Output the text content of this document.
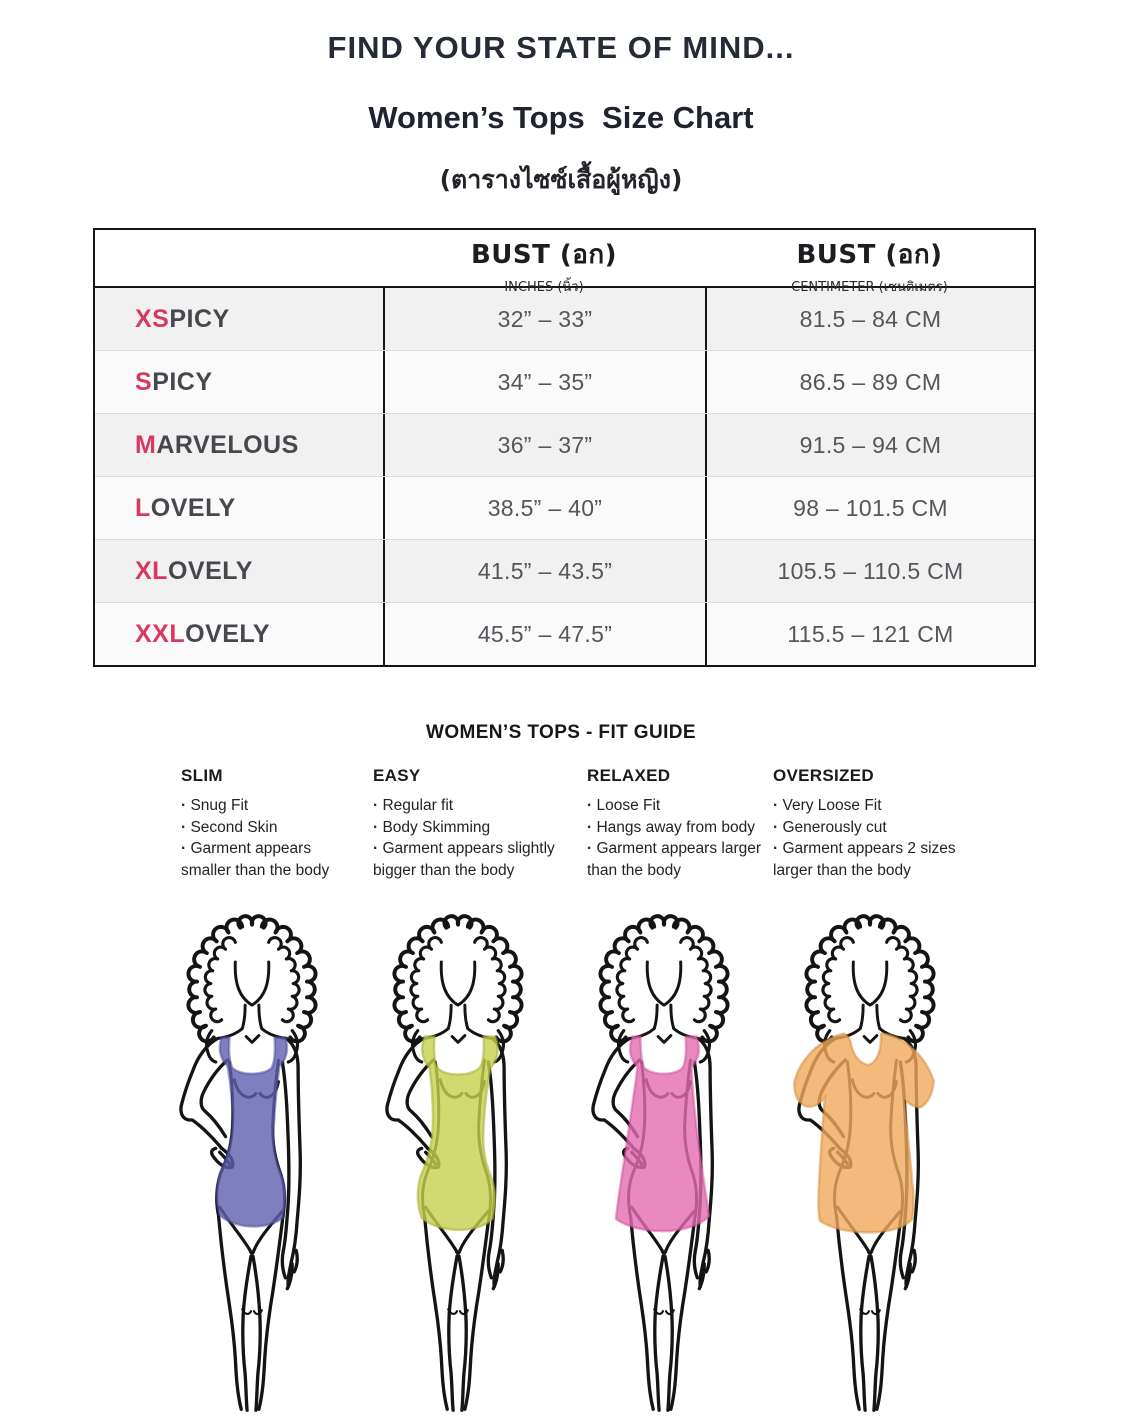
FIND YOUR STATE OF MIND...
Women’s Tops  Size Chart
(ตารางไซซ์เสื้อผู้หญิง)
BUST (อก)
INCHES (นิ้ว)
BUST (อก)
CENTIMETER (เซนติเมตร)
XS PICY	32” – 33”	81.5 – 84 CM
S PICY	34” – 35”	86.5 – 89 CM
M ARVELOUS	36” – 37”	91.5 – 94 CM
L OVELY	38.5” – 40”	98 – 101.5 CM
XL OVELY	41.5” – 43.5”	105.5 – 110.5 CM
XXL OVELY	45.5” – 47.5”	115.5 – 121 CM
WOMEN’S TOPS - FIT GUIDE
SLIM
· Snug Fit
· Second Skin
· Garment appears smaller than the body
EASY
· Regular fit
· Body Skimming
· Garment appears slightly bigger than the body
RELAXED
· Loose Fit
· Hangs away from body
· Garment appears larger than the body
OVERSIZED
· Very Loose Fit
· Generously cut
· Garment appears 2 sizes larger than the body
